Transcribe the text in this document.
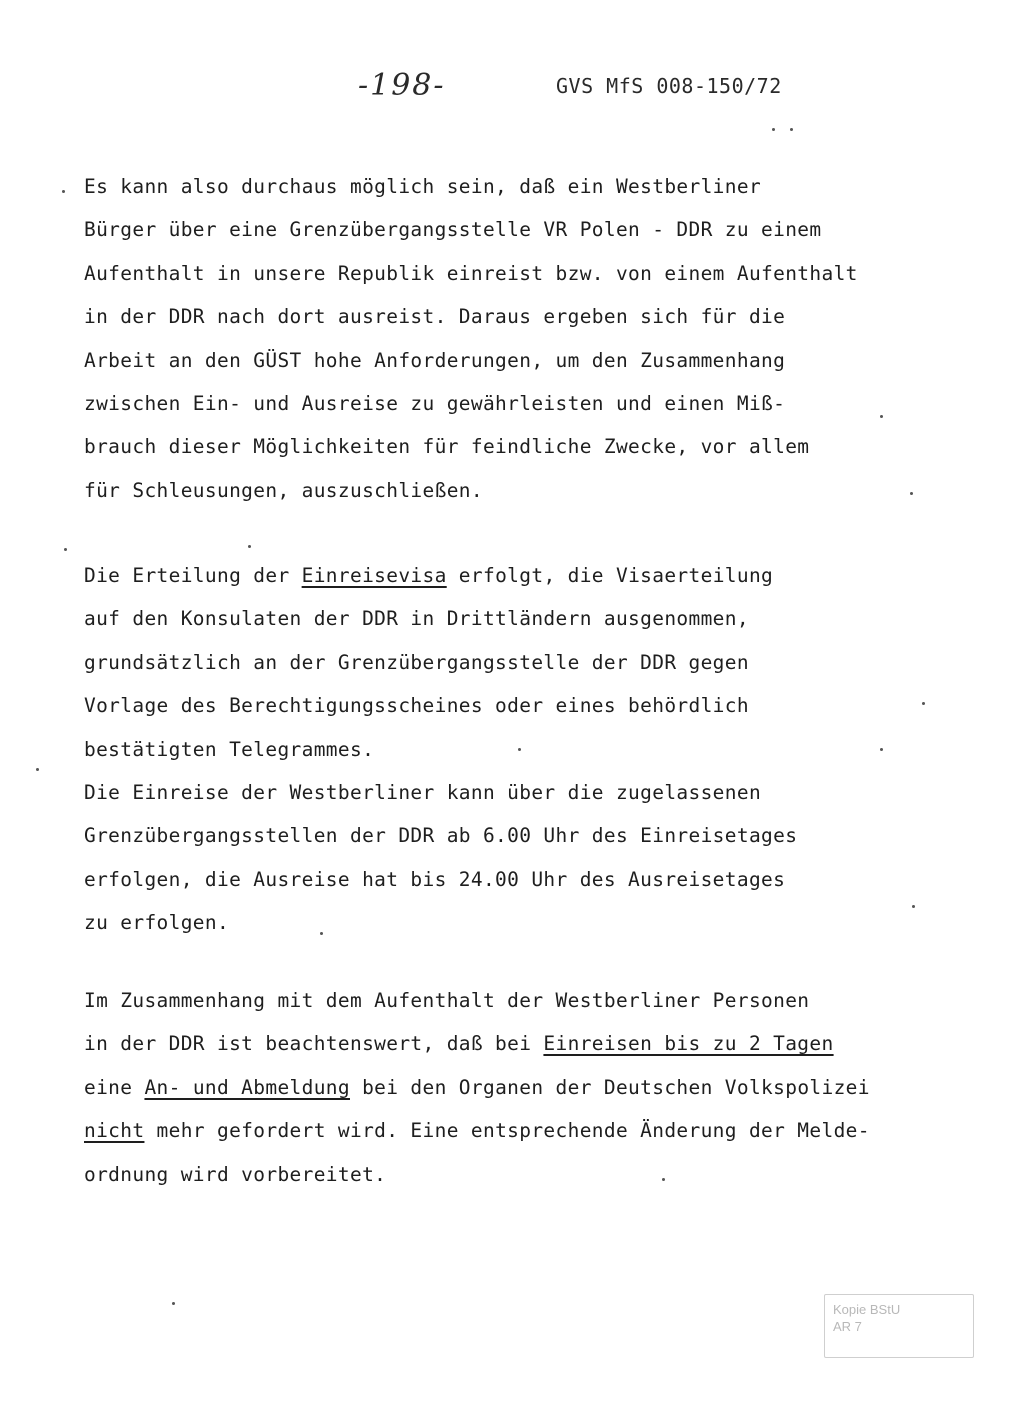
-198-	GVS MfS 008-150/72
Es kann also durchaus möglich sein, daß ein Westberliner
Bürger über eine Grenzübergangsstelle VR Polen - DDR zu einem
Aufenthalt in unsere Republik einreist bzw. von einem Aufenthalt
in der DDR nach dort ausreist. Daraus ergeben sich für die
Arbeit an den GÜST hohe Anforderungen, um den Zusammenhang
zwischen Ein- und Ausreise zu gewährleisten und einen Miß-
brauch dieser Möglichkeiten für feindliche Zwecke, vor allem
für Schleusungen, auszuschließen.
Die Erteilung der Einreisevisa erfolgt, die Visaerteilung
auf den Konsulaten der DDR in Drittländern ausgenommen,
grundsätzlich an der Grenzübergangsstelle der DDR gegen
Vorlage des Berechtigungsscheines oder eines behördlich
bestätigten Telegrammes.
Die Einreise der Westberliner kann über die zugelassenen
Grenzübergangsstellen der DDR ab 6.00 Uhr des Einreisetages
erfolgen, die Ausreise hat bis 24.00 Uhr des Ausreisetages
zu erfolgen.
Im Zusammenhang mit dem Aufenthalt der Westberliner Personen
in der DDR ist beachtenswert, daß bei Einreisen bis zu 2 Tagen
eine An- und Abmeldung bei den Organen der Deutschen Volkspolizei
nicht mehr gefordert wird. Eine entsprechende Änderung der Melde-
ordnung wird vorbereitet.
Kopie BStU
AR 7
